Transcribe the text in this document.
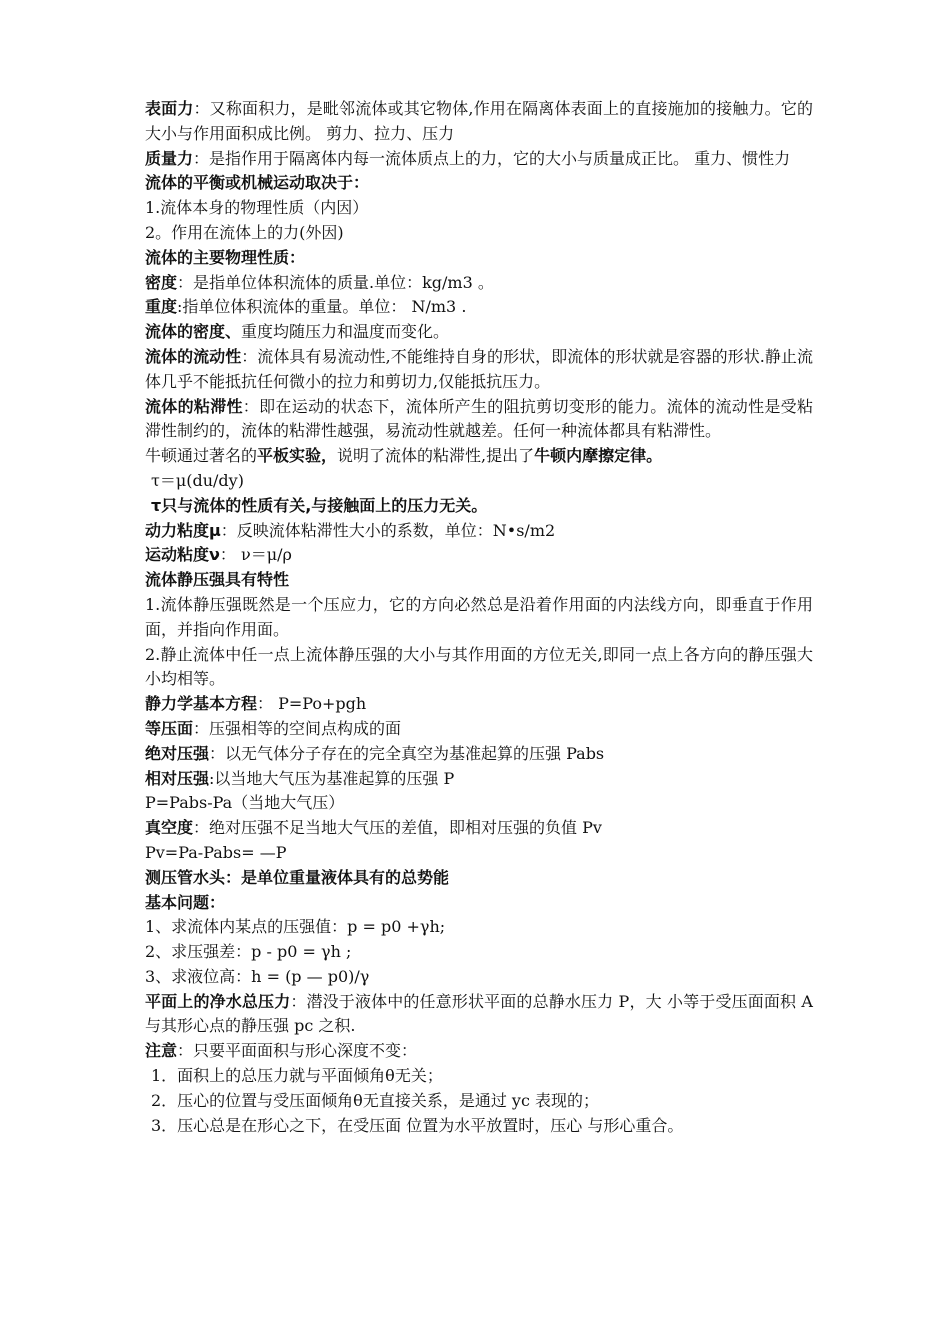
表面力：又称面积力，是毗邻流体或其它物体,作用在隔离体表面上的直接施加的接触力。它的大小与作用面积成比例。 剪力、拉力、压力
质量力：是指作用于隔离体内每一流体质点上的力，它的大小与质量成正比。 重力、惯性力
流体的平衡或机械运动取决于：
1.流体本身的物理性质（内因）
2。作用在流体上的力(外因)
流体的主要物理性质：
密度：是指单位体积流体的质量.单位：kg/m3 。
重度:指单位体积流体的重量。单位： N/m3 .
流体的密度、重度均随压力和温度而变化。
流体的流动性：流体具有易流动性,不能维持自身的形状，即流体的形状就是容器的形状.静止流体几乎不能抵抗任何微小的拉力和剪切力,仅能抵抗压力。
流体的粘滞性：即在运动的状态下，流体所产生的阻抗剪切变形的能力。流体的流动性是受粘滞性制约的，流体的粘滞性越强，易流动性就越差。任何一种流体都具有粘滞性。
牛顿通过著名的平板实验，说明了流体的粘滞性,提出了牛顿内摩擦定律。
τ＝μ(du/dy)
τ只与流体的性质有关,与接触面上的压力无关。
动力粘度μ：反映流体粘滞性大小的系数，单位：N•s/m2
运动粘度ν： ν＝μ/ρ
流体静压强具有特性
1.流体静压强既然是一个压应力，它的方向必然总是沿着作用面的内法线方向，即垂直于作用面，并指向作用面。
2.静止流体中任一点上流体静压强的大小与其作用面的方位无关,即同一点上各方向的静压强大小均相等。
静力学基本方程： P=Po+pgh
等压面：压强相等的空间点构成的面
绝对压强：以无气体分子存在的完全真空为基准起算的压强 Pabs
相对压强:以当地大气压为基准起算的压强 P
P=Pabs-Pa（当地大气压）
真空度：绝对压强不足当地大气压的差值，即相对压强的负值 Pv
Pv=Pa-Pabs= —P
测压管水头：是单位重量液体具有的总势能
基本问题：
1、求流体内某点的压强值：p = p0 +γh;
2、求压强差：p - p0 = γh ;
3、求液位高：h = (p — p0)/γ
平面上的净水总压力：潜没于液体中的任意形状平面的总静水压力 P，大 小等于受压面面积 A 与其形心点的静压强 pc 之积.
注意：只要平面面积与形心深度不变：
1．面积上的总压力就与平面倾角θ无关；
2．压心的位置与受压面倾角θ无直接关系，是通过 yc 表现的；
3．压心总是在形心之下，在受压面 位置为水平放置时，压心 与形心重合。
